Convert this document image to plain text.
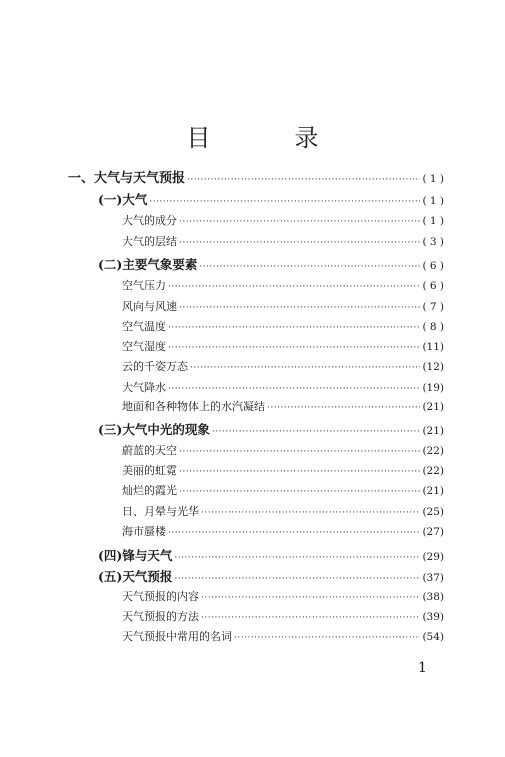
目　录
一、大气与天气预报 ·····	( 1 )
(一)大气 ·····	( 1 )
大气的成分 ·····	( 1 )
大气的层结 ·····	( 3 )
(二)主要气象要素 ·····	( 6 )
空气压力 ·····	( 6 )
风向与风速 ·····	( 7 )
空气温度 ·····	( 8 )
空气湿度 ·····	(11)
云的千姿万态 ·····	(12)
大气降水 ·····	(19)
地面和各种物体上的水汽凝结 ·····	(21)
(三)大气中光的现象 ·····	(21)
蔚蓝的天空 ·····	(22)
美丽的虹霓 ·····	(22)
灿烂的霞光 ·····	(21)
日、月晕与光华 ·····	(25)
海市蜃楼 ·····	(27)
(四)锋与天气 ·····	(29)
(五)天气预报 ·····	(37)
天气预报的内容 ·····	(38)
天气预报的方法 ·····	(39)
天气预报中常用的名词 ·····	(54)
1
